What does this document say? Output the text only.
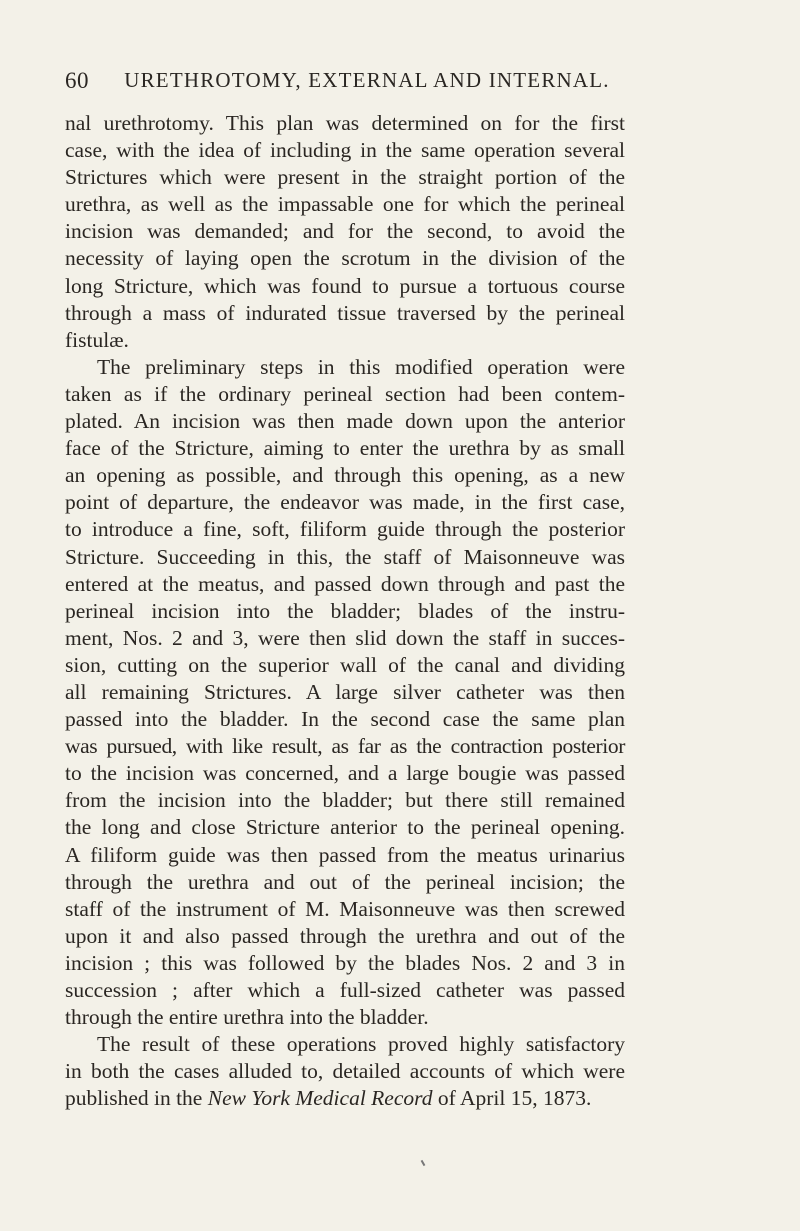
60	URETHROTOMY, EXTERNAL AND INTERNAL.

nal urethrotomy. This plan was determined on for the first
case, with the idea of including in the same operation several
Strictures which were present in the straight portion of the
urethra, as well as the impassable one for which the perineal
incision was demanded; and for the second, to avoid the
necessity of laying open the scrotum in the division of the
long Stricture, which was found to pursue a tortuous course
through a mass of indurated tissue traversed by the perineal
fistulæ.

The preliminary steps in this modified operation were
taken as if the ordinary perineal section had been contem-
plated. An incision was then made down upon the anterior
face of the Stricture, aiming to enter the urethra by as small
an opening as possible, and through this opening, as a new
point of departure, the endeavor was made, in the first case,
to introduce a fine, soft, filiform guide through the posterior
Stricture. Succeeding in this, the staff of Maisonneuve was
entered at the meatus, and passed down through and past the
perineal incision into the bladder; blades of the instru-
ment, Nos. 2 and 3, were then slid down the staff in succes-
sion, cutting on the superior wall of the canal and dividing
all remaining Strictures. A large silver catheter was then
passed into the bladder. In the second case the same plan
was pursued, with like result, as far as the contraction posterior
to the incision was concerned, and a large bougie was passed
from the incision into the bladder; but there still remained
the long and close Stricture anterior to the perineal opening.
A filiform guide was then passed from the meatus urinarius
through the urethra and out of the perineal incision; the
staff of the instrument of M. Maisonneuve was then screwed
upon it and also passed through the urethra and out of the
incision ; this was followed by the blades Nos. 2 and 3 in
succession ; after which a full-sized catheter was passed
through the entire urethra into the bladder.

The result of these operations proved highly satisfactory
in both the cases alluded to, detailed accounts of which were
published in the New York Medical Record of April 15, 1873.
